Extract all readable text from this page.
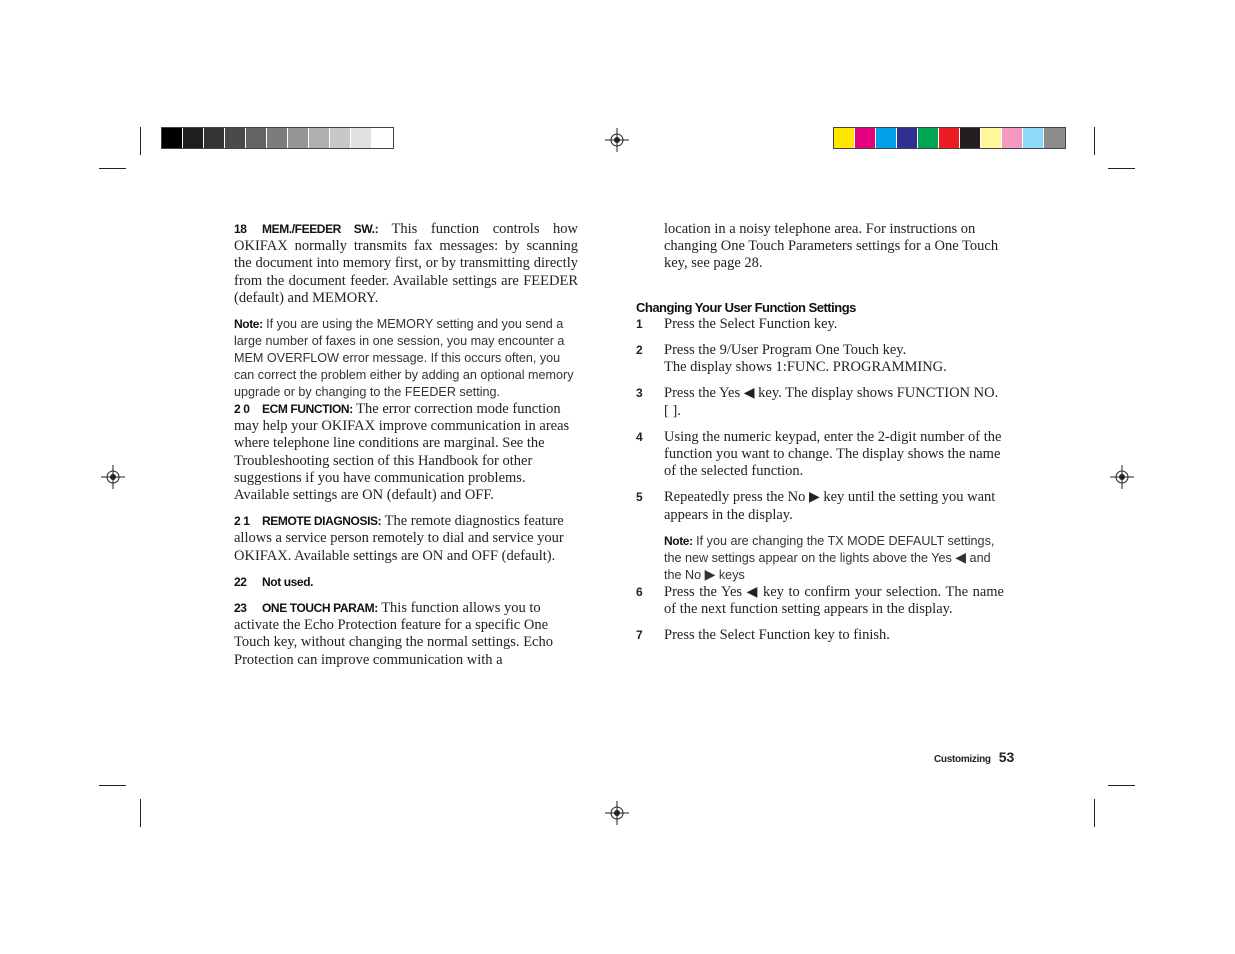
18 MEM./FEEDER SW.: This function controls how OKIFAX normally transmits fax messages: by scanning the document into memory first, or by transmitting directly from the document feeder. Available settings are FEEDER (default) and MEMORY.

Note: If you are using the MEMORY setting and you send a large number of faxes in one session, you may encounter a MEM OVERFLOW error message. If this occurs often, you can correct the problem either by adding an optional memory upgrade or by changing to the FEEDER setting.

2 0 ECM FUNCTION: The error correction mode function may help your OKIFAX improve communication in areas where telephone line conditions are marginal. See the Troubleshooting section of this Handbook for other suggestions if you have communication problems. Available settings are ON (default) and OFF.

2 1 REMOTE DIAGNOSIS: The remote diagnostics feature allows a service person remotely to dial and service your OKIFAX. Available settings are ON and OFF (default).

22 Not used.

23 ONE TOUCH PARAM: This function allows you to activate the Echo Protection feature for a specific One Touch key, without changing the normal settings. Echo Protection can improve communication with a

location in a noisy telephone area. For instructions on changing One Touch Parameters settings for a One Touch key, see page 28.

Changing Your User Function Settings

1	Press the Select Function key.
2	Press the 9/User Program One Touch key.
The display shows 1:FUNC. PROGRAMMING.
3	Press the Yes ◀ key. The display shows FUNCTION NO. [ ].
4	Using the numeric keypad, enter the 2-digit number of the function you want to change. The display shows the name of the selected function.
5	Repeatedly press the No ▶ key until the setting you want appears in the display.

Note: If you are changing the TX MODE DEFAULT settings, the new settings appear on the lights above the Yes ◀ and the No ▶ keys

6	Press the Yes ◀ key to confirm your selection. The name of the next function setting appears in the display.
7	Press the Select Function key to finish.
Customizing 53
